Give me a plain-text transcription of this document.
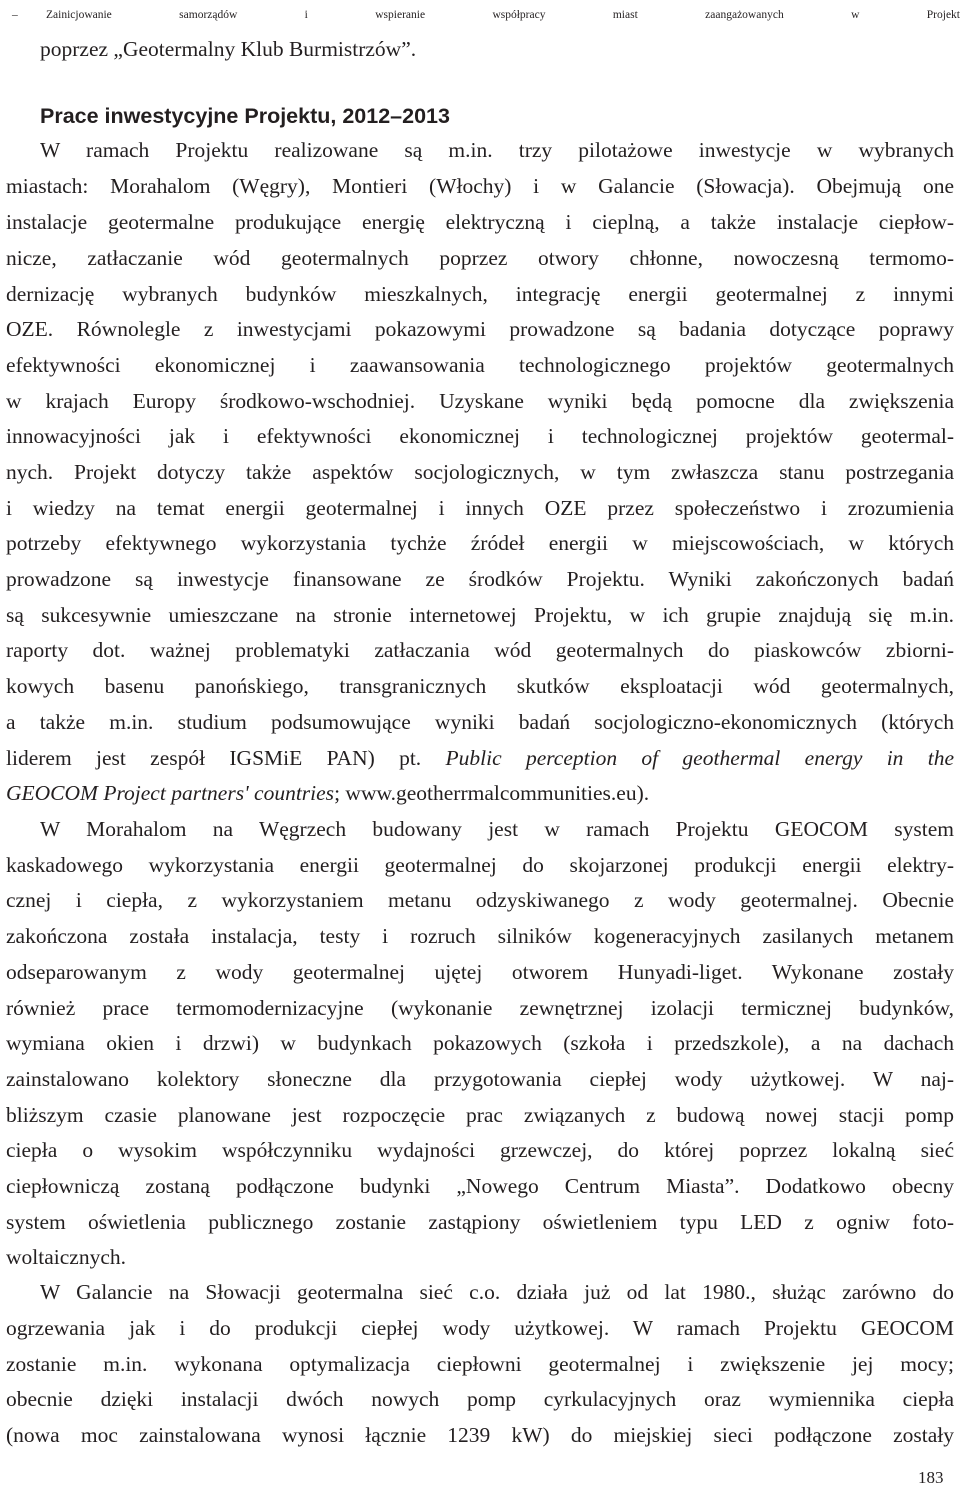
– Zainicjowanie samorządów i wspieranie współpracy miast zaangażowanych w Projekt
poprzez „Geotermalny Klub Burmistrzów”.
Prace inwestycyjne Projektu, 2012–2013
W ramach Projektu realizowane są m.in. trzy pilotażowe inwestycje w wybranych
miastach: Morahalom (Węgry), Montieri (Włochy) i w Galancie (Słowacja). Obejmują one
instalacje geotermalne produkujące energię elektryczną i cieplną, a także instalacje ciepłow-
nicze, zatłaczanie wód geotermalnych poprzez otwory chłonne, nowoczesną termomo-
dernizację wybranych budynków mieszkalnych, integrację energii geotermalnej z innymi
OZE. Równolegle z inwestycjami pokazowymi prowadzone są badania dotyczące poprawy
efektywności ekonomicznej i zaawansowania technologicznego projektów geotermalnych
w krajach Europy środkowo-wschodniej. Uzyskane wyniki będą pomocne dla zwiększenia
innowacyjności jak i efektywności ekonomicznej i technologicznej projektów geotermal-
nych. Projekt dotyczy także aspektów socjologicznych, w tym zwłaszcza stanu postrzegania
i wiedzy na temat energii geotermalnej i innych OZE przez społeczeństwo i zrozumienia
potrzeby efektywnego wykorzystania tychże źródeł energii w miejscowościach, w których
prowadzone są inwestycje finansowane ze środków Projektu. Wyniki zakończonych badań
są sukcesywnie umieszczane na stronie internetowej Projektu, w ich grupie znajdują się m.in.
raporty dot. ważnej problematyki zatłaczania wód geotermalnych do piaskowców zbiorni-
kowych basenu panońskiego, transgranicznych skutków eksploatacji wód geotermalnych,
a także m.in. studium podsumowujące wyniki badań socjologiczno-ekonomicznych (których
liderem jest zespół IGSMiE PAN) pt. Public perception of geothermal energy in the
GEOCOM Project partners' countries; www.geotherrmalcommunities.eu).
W Morahalom na Węgrzech budowany jest w ramach Projektu GEOCOM system
kaskadowego wykorzystania energii geotermalnej do skojarzonej produkcji energii elektry-
cznej i ciepła, z wykorzystaniem metanu odzyskiwanego z wody geotermalnej. Obecnie
zakończona została instalacja, testy i rozruch silników kogeneracyjnych zasilanych metanem
odseparowanym z wody geotermalnej ujętej otworem Hunyadi-liget. Wykonane zostały
również prace termomodernizacyjne (wykonanie zewnętrznej izolacji termicznej budynków,
wymiana okien i drzwi) w budynkach pokazowych (szkoła i przedszkole), a na dachach
zainstalowano kolektory słoneczne dla przygotowania ciepłej wody użytkowej. W naj-
bliższym czasie planowane jest rozpoczęcie prac związanych z budową nowej stacji pomp
ciepła o wysokim współczynniku wydajności grzewczej, do której poprzez lokalną sieć
ciepłowniczą zostaną podłączone budynki „Nowego Centrum Miasta”. Dodatkowo obecny
system oświetlenia publicznego zostanie zastąpiony oświetleniem typu LED z ogniw foto-
woltaicznych.
W Galancie na Słowacji geotermalna sieć c.o. działa już od lat 1980., służąc zarówno do
ogrzewania jak i do produkcji ciepłej wody użytkowej. W ramach Projektu GEOCOM
zostanie m.in. wykonana optymalizacja ciepłowni geotermalnej i zwiększenie jej mocy;
obecnie dzięki instalacji dwóch nowych pomp cyrkulacyjnych oraz wymiennika ciepła
(nowa moc zainstalowana wynosi łącznie 1239 kW) do miejskiej sieci podłączone zostały
183
